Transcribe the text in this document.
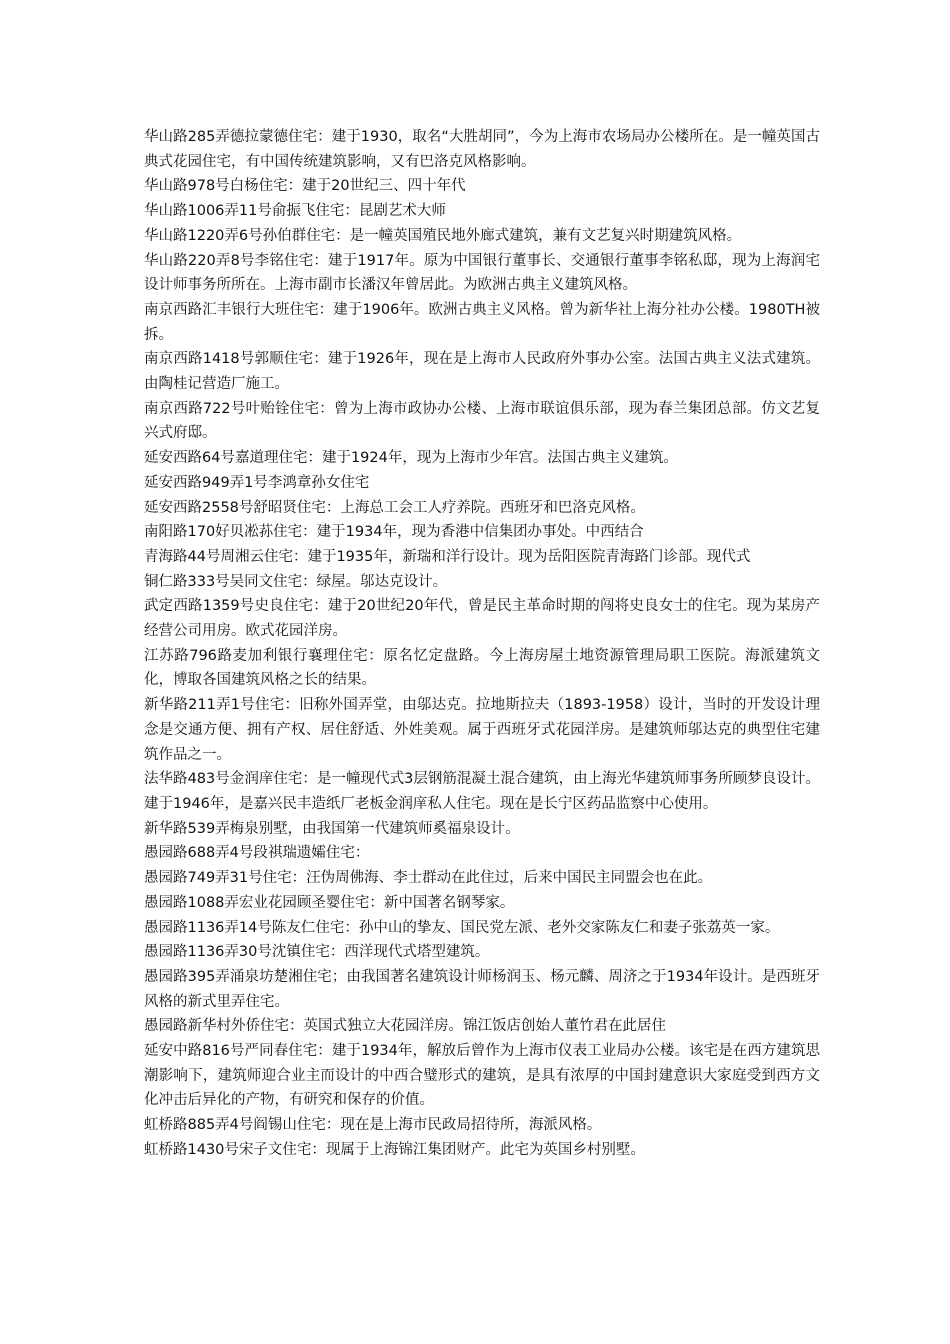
华山路285弄德拉蒙德住宅：建于1930，取名“大胜胡同”，今为上海市农场局办公楼所在。是一幢英国古典式花园住宅，有中国传统建筑影响，又有巴洛克风格影响。

华山路978号白杨住宅：建于20世纪三、四十年代

华山路1006弄11号俞振飞住宅：昆剧艺术大师

华山路1220弄6号孙伯群住宅：是一幢英国殖民地外廊式建筑，兼有文艺复兴时期建筑风格。

华山路220弄8号李铭住宅：建于1917年。原为中国银行董事长、交通银行董事李铭私邸，现为上海润宅设计师事务所所在。上海市副市长潘汉年曾居此。为欧洲古典主义建筑风格。

南京西路汇丰银行大班住宅：建于1906年。欧洲古典主义风格。曾为新华社上海分社办公楼。1980TH被拆。

南京西路1418号郭顺住宅：建于1926年，现在是上海市人民政府外事办公室。法国古典主义法式建筑。由陶桂记营造厂施工。

南京西路722号叶贻铨住宅：曾为上海市政协办公楼、上海市联谊俱乐部，现为春兰集团总部。仿文艺复兴式府邸。

延安西路64号嘉道理住宅：建于1924年，现为上海市少年宫。法国古典主义建筑。

延安西路949弄1号李鸿章孙女住宅

延安西路2558号舒昭贤住宅：上海总工会工人疗养院。西班牙和巴洛克风格。

南阳路170好贝凇荪住宅：建于1934年，现为香港中信集团办事处。中西结合

青海路44号周湘云住宅：建于1935年，新瑞和洋行设计。现为岳阳医院青海路门诊部。现代式

铜仁路333号吴同文住宅：绿屋。邬达克设计。

武定西路1359号史良住宅：建于20世纪20年代，曾是民主革命时期的闯将史良女士的住宅。现为某房产经营公司用房。欧式花园洋房。

江苏路796路麦加利银行襄理住宅：原名忆定盘路。今上海房屋土地资源管理局职工医院。海派建筑文化，博取各国建筑风格之长的结果。

新华路211弄1号住宅：旧称外国弄堂，由邬达克。拉地斯拉夫（1893-1958）设计，当时的开发设计理念是交通方便、拥有产权、居住舒适、外姓美观。属于西班牙式花园洋房。是建筑师邬达克的典型住宅建筑作品之一。

法华路483号金润庠住宅：是一幢现代式3层钢筋混凝土混合建筑，由上海光华建筑师事务所顾梦良设计。建于1946年，是嘉兴民丰造纸厂老板金润庠私人住宅。现在是长宁区药品监察中心使用。

新华路539弄梅泉别墅，由我国第一代建筑师奚福泉设计。

愚园路688弄4号段祺瑞遗孀住宅：

愚园路749弄31号住宅：汪伪周佛海、李士群动在此住过，后来中国民主同盟会也在此。

愚园路1088弄宏业花园顾圣婴住宅：新中国著名钢琴家。

愚园路1136弄14号陈友仁住宅：孙中山的挚友、国民党左派、老外交家陈友仁和妻子张荔英一家。

愚园路1136弄30号沈镇住宅：西洋现代式塔型建筑。

愚园路395弄涌泉坊楚湘住宅；由我国著名建筑设计师杨润玉、杨元麟、周济之于1934年设计。是西班牙风格的新式里弄住宅。

愚园路新华村外侨住宅：英国式独立大花园洋房。锦江饭店创始人董竹君在此居住

延安中路816号严同春住宅：建于1934年，解放后曾作为上海市仪表工业局办公楼。该宅是在西方建筑思潮影响下，建筑师迎合业主而设计的中西合璧形式的建筑，是具有浓厚的中国封建意识大家庭受到西方文化冲击后异化的产物，有研究和保存的价值。

虹桥路885弄4号阎锡山住宅：现在是上海市民政局招待所，海派风格。

虹桥路1430号宋子文住宅：现属于上海锦江集团财产。此宅为英国乡村别墅。
